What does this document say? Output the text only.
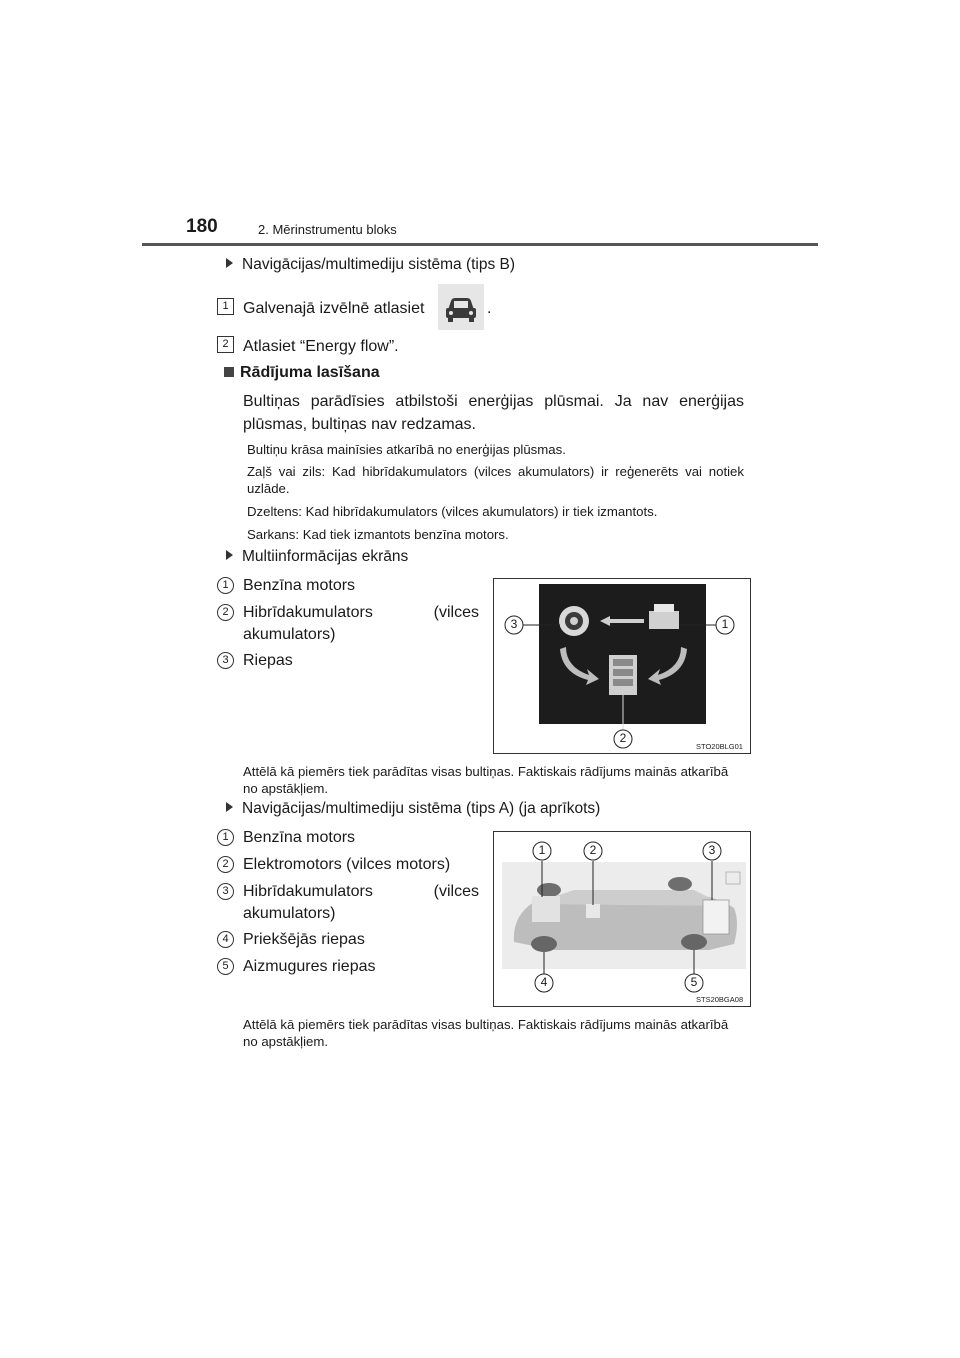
180	2. Mērinstrumentu bloks
Navigācijas/multimediju sistēma (tips B)
1 Galvenajā izvēlnē atlasiet	.
2 Atlasiet “Energy flow”.
Rādījuma lasīšana
Bultiņas parādīsies atbilstoši enerģijas plūsmai. Ja nav enerģijas plūsmas, bultiņas nav redzamas.
Bultiņu krāsa mainīsies atkarībā no enerģijas plūsmas.
Zaļš vai zils: Kad hibrīdakumulators (vilces akumulators) ir reģenerēts vai notiek uzlāde.
Dzeltens: Kad hibrīdakumulators (vilces akumulators) ir tiek izmantots.
Sarkans: Kad tiek izmantots benzīna motors.
Multiinformācijas ekrāns
1 Benzīna motors
2 Hibrīdakumulators (vilces
akumulators)
3 Riepas
3	1
2
STO20BLG01
Attēlā kā piemērs tiek parādītas visas bultiņas. Faktiskais rādījums mainās atkarībā no apstākļiem.
Navigācijas/multimediju sistēma (tips A) (ja aprīkots)
1 Benzīna motors
2 Elektromotors (vilces motors)
3 Hibrīdakumulators (vilces
akumulators)
4 Priekšējās riepas
5 Aizmugures riepas
1	2	3
4	5
STS20BGA08
Attēlā kā piemērs tiek parādītas visas bultiņas. Faktiskais rādījums mainās atkarībā no apstākļiem.
